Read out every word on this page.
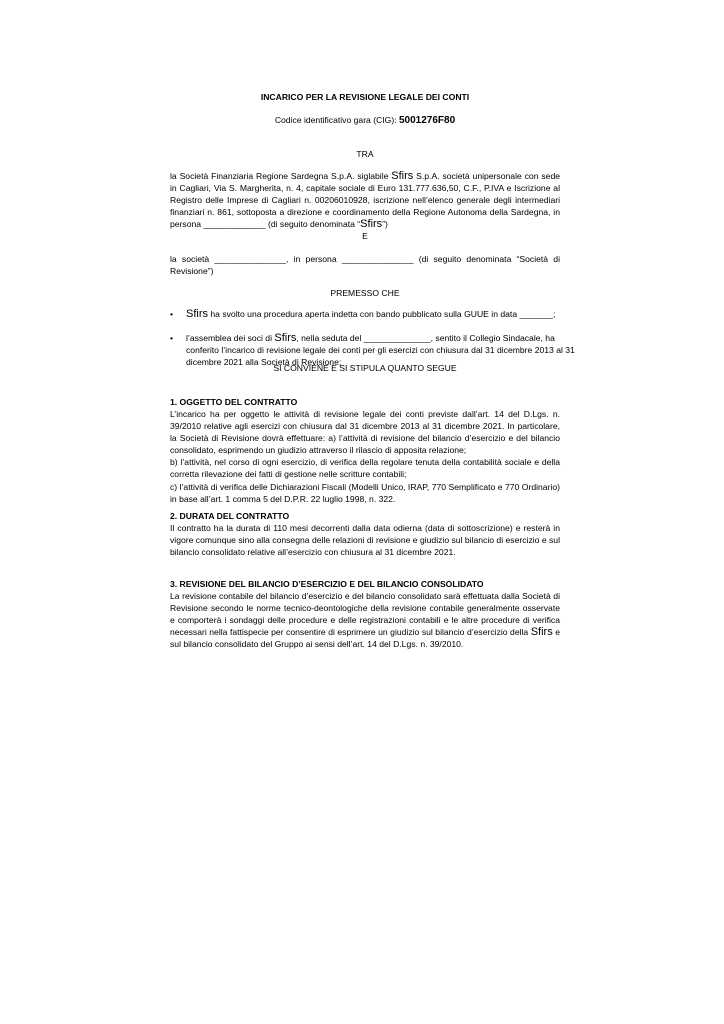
INCARICO PER LA REVISIONE LEGALE DEI CONTI
Codice identificativo gara (CIG): 5001276F80
TRA

la Società Finanziaria Regione Sardegna S.p.A. siglabile Sfirs S.p.A. società unipersonale con sede in Cagliari, Via S. Margherita, n. 4, capitale sociale di Euro 131.777.636,50, C.F., P.IVA e Iscrizione al Registro delle Imprese di Cagliari n. 00206010928, iscrizione nell’elenco generale degli intermediari finanziari n. 861, sottoposta a direzione e coordinamento della Regione Autonoma della Sardegna, in persona _____________ (di seguito denominata “Sfirs”)

E

la società _______________, in persona _______________ (di seguito denominata “Società di Revisione”)

PREMESSO CHE
• Sfirs ha svolto una procedura aperta indetta con bando pubblicato sulla GUUE in data _______;
• l’assemblea dei soci di Sfirs, nella seduta del ______________, sentito il Collegio Sindacale, ha conferito l’incarico di revisione legale dei conti per gli esercizi con chiusura dal 31 dicembre 2013 al 31 dicembre 2021 alla Società di Revisione;
SI CONVIENE E SI STIPULA QUANTO SEGUE
1. OGGETTO DEL CONTRATTO

L’incarico ha per oggetto le attività di revisione legale dei conti previste dall’art. 14 del D.Lgs. n. 39/2010 relative agli esercizi con chiusura dal 31 dicembre 2013 al 31 dicembre 2021. In particolare, la Società di Revisione dovrà effettuare: a) l’attività di revisione del bilancio d’esercizio e del bilancio consolidato, esprimendo un giudizio attraverso il rilascio di apposita relazione;

b) l’attività, nel corso di ogni esercizio, di verifica della regolare tenuta della contabilità sociale e della corretta rilevazione dei fatti di gestione nelle scritture contabili;

c) l’attività di verifica delle Dichiarazioni Fiscali (Modelli Unico, IRAP, 770 Semplificato e 770 Ordinario) in base all’art. 1 comma 5 del D.P.R. 22 luglio 1998, n. 322.

2. DURATA DEL CONTRATTO

Il contratto ha la durata di 110 mesi decorrenti dalla data odierna (data di sottoscrizione) e resterà in vigore comunque sino alla consegna delle relazioni di revisione e giudizio sul bilancio di esercizio e sul bilancio consolidato relative all’esercizio con chiusura al 31 dicembre 2021.

3. REVISIONE DEL BILANCIO D’ESERCIZIO E DEL BILANCIO CONSOLIDATO

La revisione contabile del bilancio d’esercizio e del bilancio consolidato sarà effettuata dalla Società di Revisione secondo le norme tecnico-deontologiche della revisione contabile generalmente osservate e comporterà i sondaggi delle procedure e delle registrazioni contabili e le altre procedure di verifica necessari nella fattispecie per consentire di esprimere un giudizio sul bilancio d’esercizio della Sfirs e sul bilancio consolidato del Gruppo ai sensi dell’art. 14 del D.Lgs. n. 39/2010.
